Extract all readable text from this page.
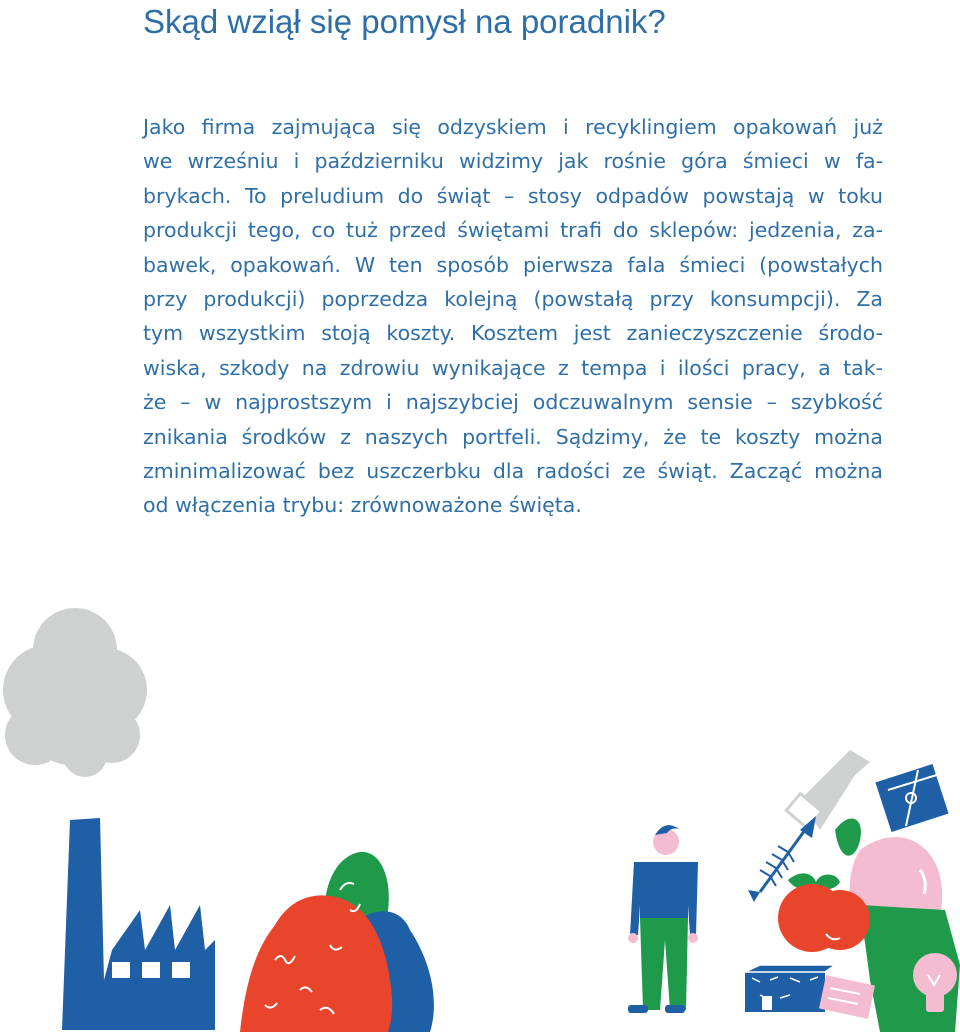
Skąd wziął się pomysł na poradnik?
Jako firma zajmująca się odzyskiem i recyklingiem opakowań już
we wrześniu i październiku widzimy jak rośnie góra śmieci w fa-
brykach. To preludium do świąt – stosy odpadów powstają w toku
produkcji tego, co tuż przed świętami trafi do sklepów: jedzenia, za-
bawek, opakowań. W ten sposób pierwsza fala śmieci (powstałych
przy produkcji) poprzedza kolejną (powstałą przy konsumpcji). Za
tym wszystkim stoją koszty. Kosztem jest zanieczyszczenie środo-
wiska, szkody na zdrowiu wynikające z tempa i ilości pracy, a tak-
że – w najprostszym i najszybciej odczuwalnym sensie – szybkość
znikania środków z naszych portfeli. Sądzimy, że te koszty można
zminimalizować bez uszczerbku dla radości ze świąt. Zacząć można
od włączenia trybu: zrównoważone święta.
